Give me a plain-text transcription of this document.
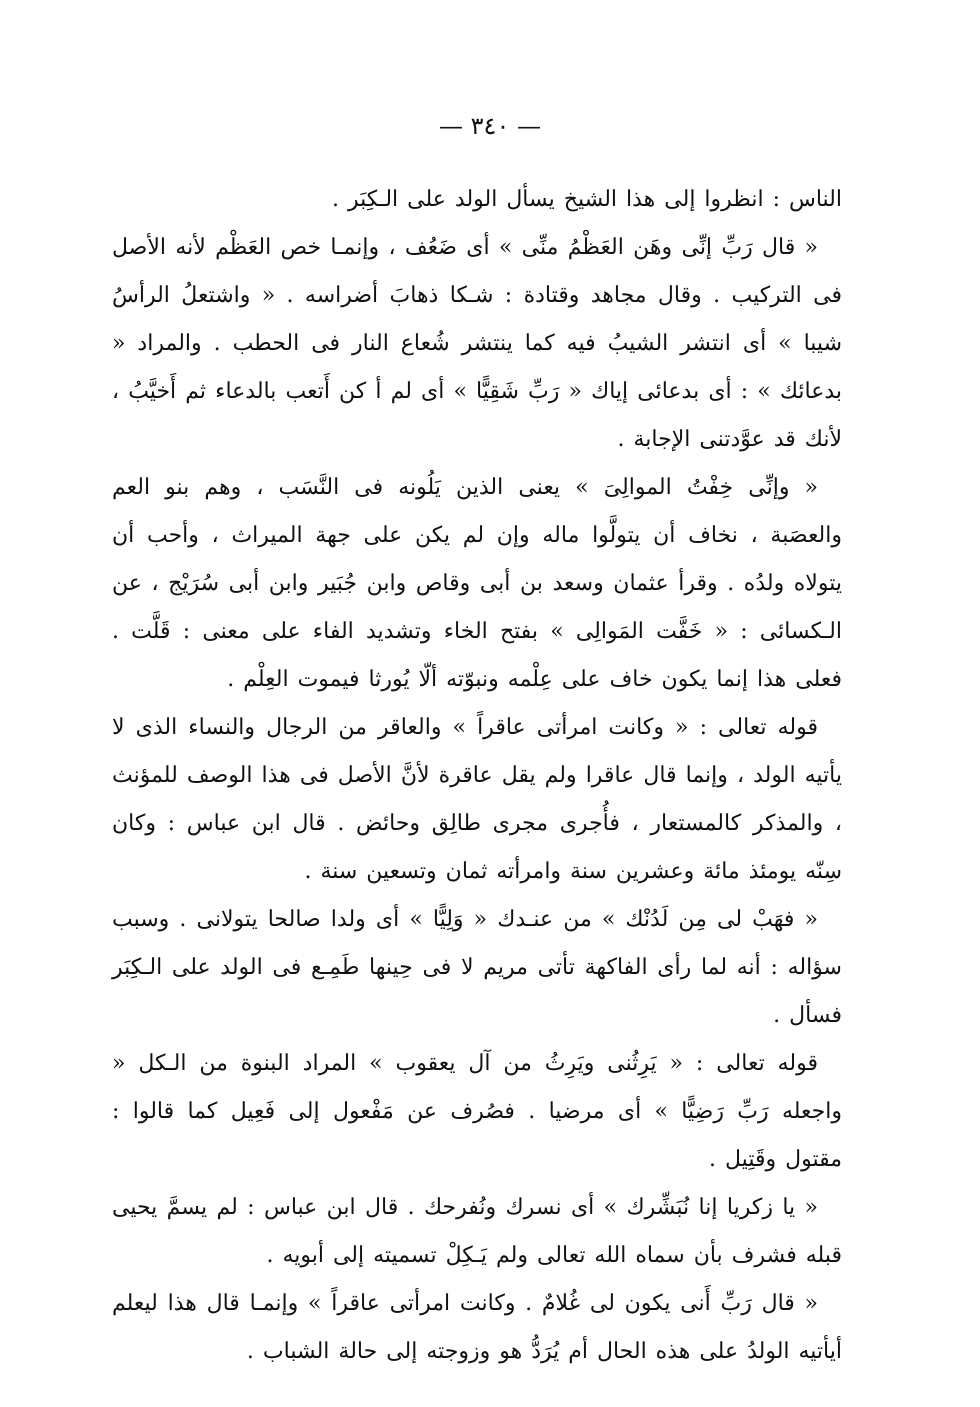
— ٣٤٠ —

الناس : انظروا إلى هذا الشيخ يسأل الولد على الـكِبَر .

« قال رَبِّ إنِّى وهَن العَظْمُ منِّى » أى ضَعُف ، وإنمـا خص العَظْم لأنه الأصل فى التركيب . وقال مجاهد وقتادة : شـكا ذهابَ أضراسه . « واشتعلُ الرأسُ شيبا » أى انتشر الشيبُ فيه كما ينتشر شُعاع النار فى الحطب . والمراد « بدعائك » : أى بدعائى إياك « رَبِّ شَقِيًّا » أى لم أ كن أَتعب بالدعاء ثم أَخيَّبُ ، لأنك قد عوَّدتنى الإجابة .

« وإنِّى خِفْتُ الموالِىَ » يعنى الذين يَلُونه فى النَّسَب ، وهم بنو العم والعصَبة ، نخاف أن يتولَّوا ماله وإن لم يكن على جهة الميراث ، وأحب أن يتولاه ولدُه . وقرأ عثمان وسعد بن أبى وقاص وابن جُبَير وابن أبى سُرَيْج ، عن الـكسائى : « خَفَّت المَوالِى » بفتح الخاء وتشديد الفاء على معنى : قَلَّت . فعلى هذا إنما يكون خاف على عِلْمه ونبوّته ألّا يُورثا فيموت العِلْم .

قوله تعالى : « وكانت امرأتى عاقراً » والعاقر من الرجال والنساء الذى لا يأتيه الولد ، وإنما قال عاقرا ولم يقل عاقرة لأنَّ الأصل فى هذا الوصف للمؤنث ، والمذكر كالمستعار ، فأُجرى مجرى طالِق وحائض . قال ابن عباس : وكان سِنّه يومئذ مائة وعشرين سنة وامرأته ثمان وتسعين سنة .

« فهَبْ لى مِن لَدُنْك » من عنـدك « وَلِيًّا » أى ولدا صالحا يتولانى . وسبب سؤاله : أنه لما رأى الفاكهة تأتى مريم لا فى حِينها طَمِـع فى الولد على الـكِبَر فسأل .

قوله تعالى : « يَرِثُنى ويَرِثُ من آل يعقوب » المراد البنوة من الـكل « واجعله رَبِّ رَضِيًّا » أى مرضيا . فصُرف عن مَفْعول إلى فَعِيل كما قالوا : مقتول وقَتِيل .

« يا زكريا إنا نُبَشِّرك » أى نسرك ونُفرحك . قال ابن عباس : لم يسمَّ يحيى قبله فشرف بأن سماه الله تعالى ولم يَـكِلْ تسميته إلى أبويه .

« قال رَبِّ أَنى يكون لى غُلامٌ . وكانت امرأتى عاقراً » وإنمـا قال هذا ليعلم أيأتيه الولدُ على هذه الحال أم يُرَدُّ هو وزوجته إلى حالة الشباب .
